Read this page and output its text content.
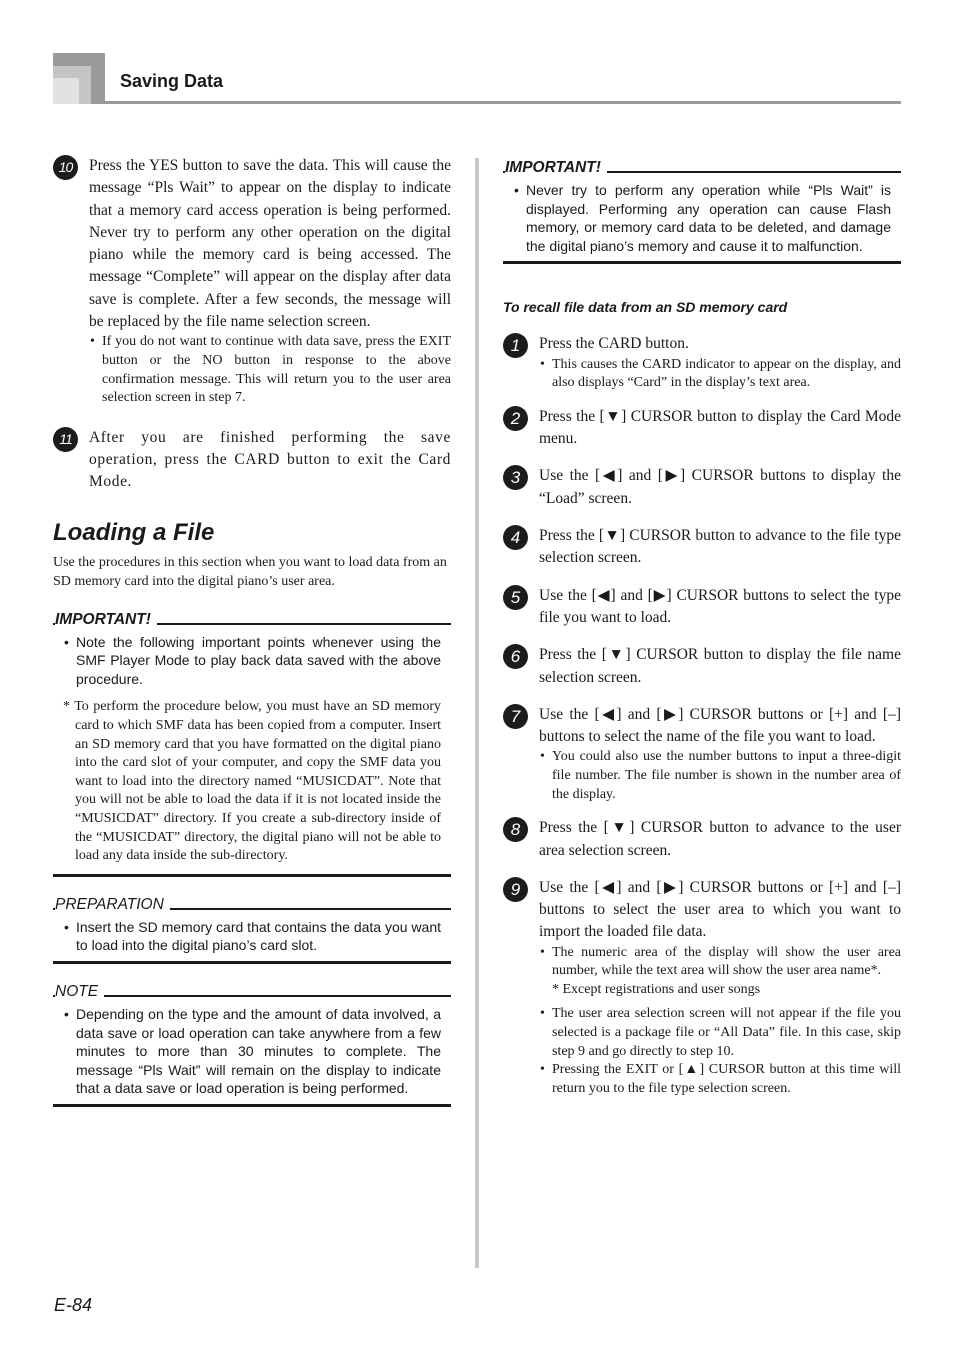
Saving Data
10	Press the YES button to save the data. This will cause the message “Pls Wait” to appear on the display to indicate that a memory card access operation is being performed. Never try to perform any other operation on the digital piano while the memory card is being accessed. The message “Complete” will appear on the display after data save is complete. After a few seconds, the message will be replaced by the file name selection screen.
• If you do not want to continue with data save, press the EXIT button or the NO button in response to the above confirmation message. This will return you to the user area selection screen in step 7.
11	After you are finished performing the save operation, press the CARD button to exit the Card Mode.
Loading a File
Use the procedures in this section when you want to load data from an SD memory card into the digital piano’s user area.
IMPORTANT!
• Note the following important points whenever using the SMF Player Mode to play back data saved with the above procedure.
* To perform the procedure below, you must have an SD memory card to which SMF data has been copied from a computer. Insert an SD memory card that you have formatted on the digital piano into the card slot of your computer, and copy the SMF data you want to load into the directory named “MUSICDAT”. Note that you will not be able to load the data if it is not located inside the “MUSICDAT” directory. If you create a sub-directory inside of the “MUSICDAT” directory, the digital piano will not be able to load any data inside the sub-directory.
PREPARATION
• Insert the SD memory card that contains the data you want to load into the digital piano’s card slot.
NOTE
• Depending on the type and the amount of data involved, a data save or load operation can take anywhere from a few minutes to more than 30 minutes to complete. The message “Pls Wait” will remain on the display to indicate that a data save or load operation is being performed.
IMPORTANT!
• Never try to perform any operation while “Pls Wait” is displayed. Performing any operation can cause Flash memory, or memory card data to be deleted, and damage the digital piano’s memory and cause it to malfunction.
To recall file data from an SD memory card
1	Press the CARD button.
• This causes the CARD indicator to appear on the display, and also displays “Card” in the display’s text area.
2	Press the [▼] CURSOR button to display the Card Mode menu.
3	Use the [◀] and [▶] CURSOR buttons to display the “Load” screen.
4	Press the [▼] CURSOR button to advance to the file type selection screen.
5	Use the [◀] and [▶] CURSOR buttons to select the type file you want to load.
6	Press the [▼] CURSOR button to display the file name selection screen.
7	Use the [◀] and [▶] CURSOR buttons or [+] and [–] buttons to select the name of the file you want to load.
• You could also use the number buttons to input a three-digit file number. The file number is shown in the number area of the display.
8	Press the [▼] CURSOR button to advance to the user area selection screen.
9	Use the [◀] and [▶] CURSOR buttons or [+] and [–] buttons to select the user area to which you want to import the loaded file data.
• The numeric area of the display will show the user area number, while the text area will show the user area name*.
* Except registrations and user songs
• The user area selection screen will not appear if the file you selected is a package file or “All Data” file. In this case, skip step 9 and go directly to step 10.
• Pressing the EXIT or [▲] CURSOR button at this time will return you to the file type selection screen.
E-84
